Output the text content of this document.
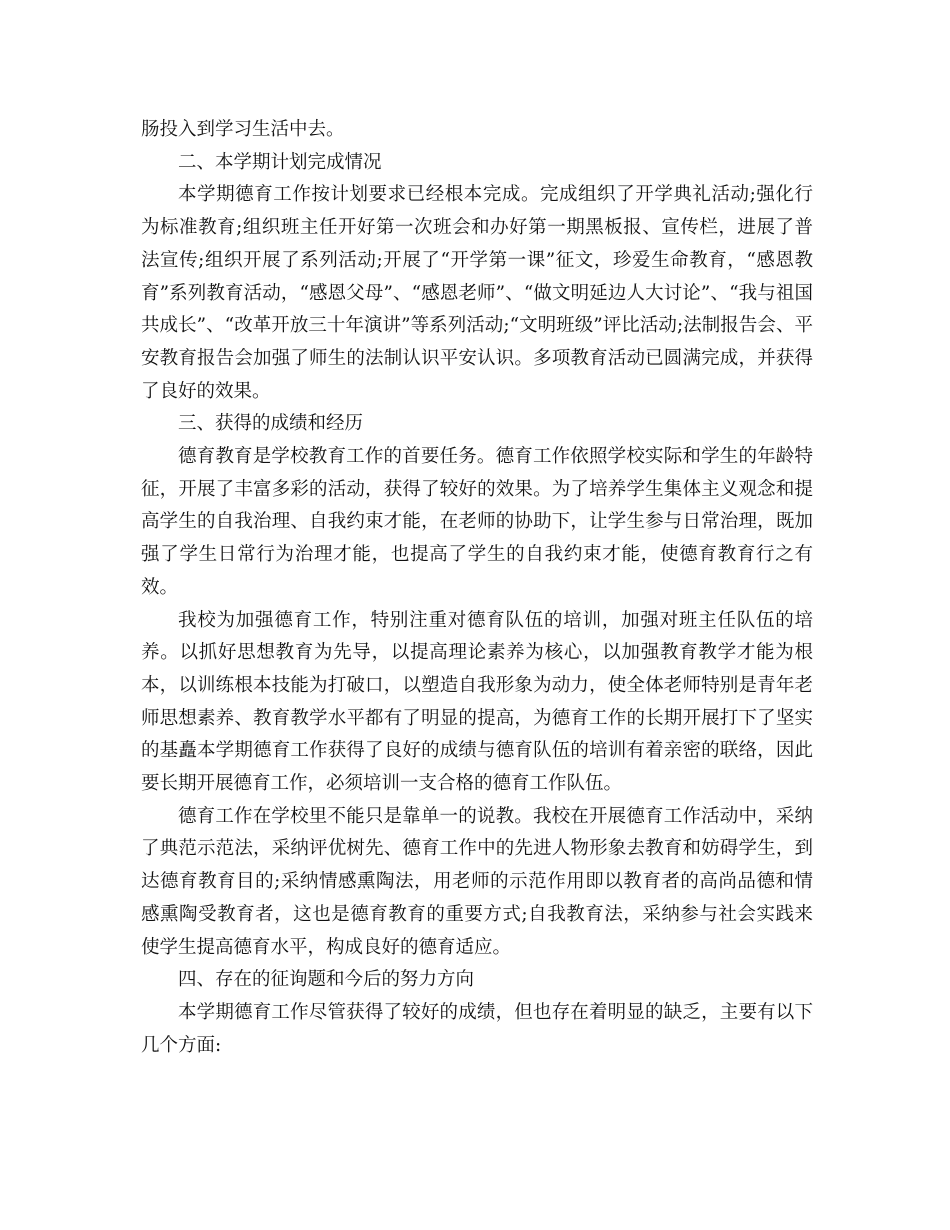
肠投入到学习生活中去。

二、本学期计划完成情况

本学期德育工作按计划要求已经根本完成。完成组织了开学典礼活动;强化行为标准教育;组织班主任开好第一次班会和办好第一期黑板报、宣传栏，进展了普法宣传;组织开展了系列活动;开展了“开学第一课”征文，珍爱生命教育，“感恩教育”系列教育活动，“感恩父母”、“感恩老师”、“做文明延边人大讨论”、“我与祖国共成长”、“改革开放三十年演讲”等系列活动;“文明班级”评比活动;法制报告会、平安教育报告会加强了师生的法制认识平安认识。多项教育活动已圆满完成，并获得了良好的效果。

三、获得的成绩和经历

德育教育是学校教育工作的首要任务。德育工作依照学校实际和学生的年龄特征，开展了丰富多彩的活动，获得了较好的效果。为了培养学生集体主义观念和提高学生的自我治理、自我约束才能，在老师的协助下，让学生参与日常治理，既加强了学生日常行为治理才能，也提高了学生的自我约束才能，使德育教育行之有效。

我校为加强德育工作，特别注重对德育队伍的培训，加强对班主任队伍的培养。以抓好思想教育为先导，以提高理论素养为核心，以加强教育教学才能为根本，以训练根本技能为打破口，以塑造自我形象为动力，使全体老师特别是青年老师思想素养、教育教学水平都有了明显的提高，为德育工作的长期开展打下了坚实的基矗本学期德育工作获得了良好的成绩与德育队伍的培训有着亲密的联络，因此要长期开展德育工作，必须培训一支合格的德育工作队伍。

德育工作在学校里不能只是靠单一的说教。我校在开展德育工作活动中，采纳了典范示范法，采纳评优树先、德育工作中的先进人物形象去教育和妨碍学生，到达德育教育目的;采纳情感熏陶法，用老师的示范作用即以教育者的高尚品德和情感熏陶受教育者，这也是德育教育的重要方式;自我教育法，采纳参与社会实践来使学生提高德育水平，构成良好的德育适应。

四、存在的征询题和今后的努力方向

本学期德育工作尽管获得了较好的成绩，但也存在着明显的缺乏，主要有以下几个方面:
